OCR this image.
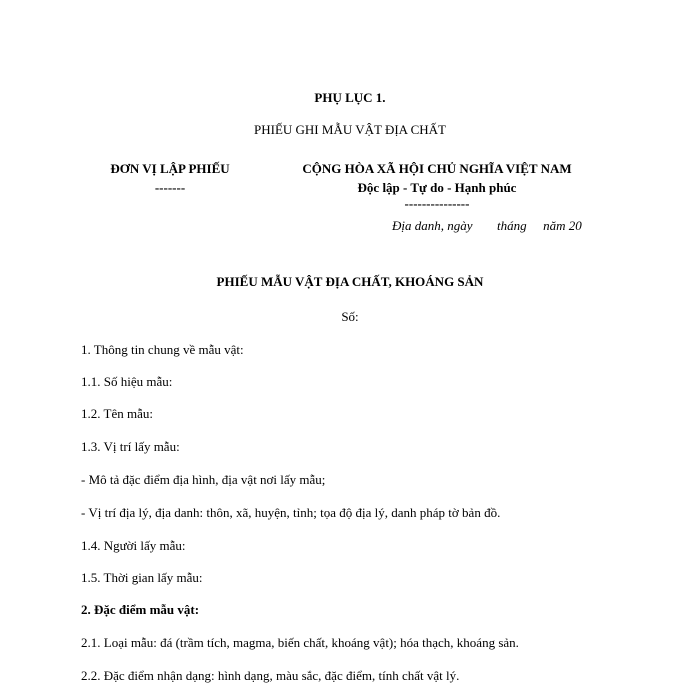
PHỤ LỤC 1.
PHIẾU GHI MẪU VẬT ĐỊA CHẤT
ĐƠN VỊ LẬP PHIẾU
-------
CỘNG HÒA XÃ HỘI CHỦ NGHĨA VIỆT NAM
Độc lập - Tự do - Hạnh phúc
---------------
Địa danh, ngày tháng năm 20
PHIẾU MẪU VẬT ĐỊA CHẤT, KHOÁNG SẢN
Số:
1. Thông tin chung về mẫu vật:
1.1. Số hiệu mẫu:
1.2. Tên mẫu:
1.3. Vị trí lấy mẫu:
- Mô tả đặc điểm địa hình, địa vật nơi lấy mẫu;
- Vị trí địa lý, địa danh: thôn, xã, huyện, tỉnh; tọa độ địa lý, danh pháp tờ bản đồ.
1.4. Người lấy mẫu:
1.5. Thời gian lấy mẫu:
2. Đặc điểm mẫu vật:
2.1. Loại mẫu: đá (trầm tích, magma, biến chất, khoáng vật); hóa thạch, khoáng sản.
2.2. Đặc điểm nhận dạng: hình dạng, màu sắc, đặc điểm, tính chất vật lý.
